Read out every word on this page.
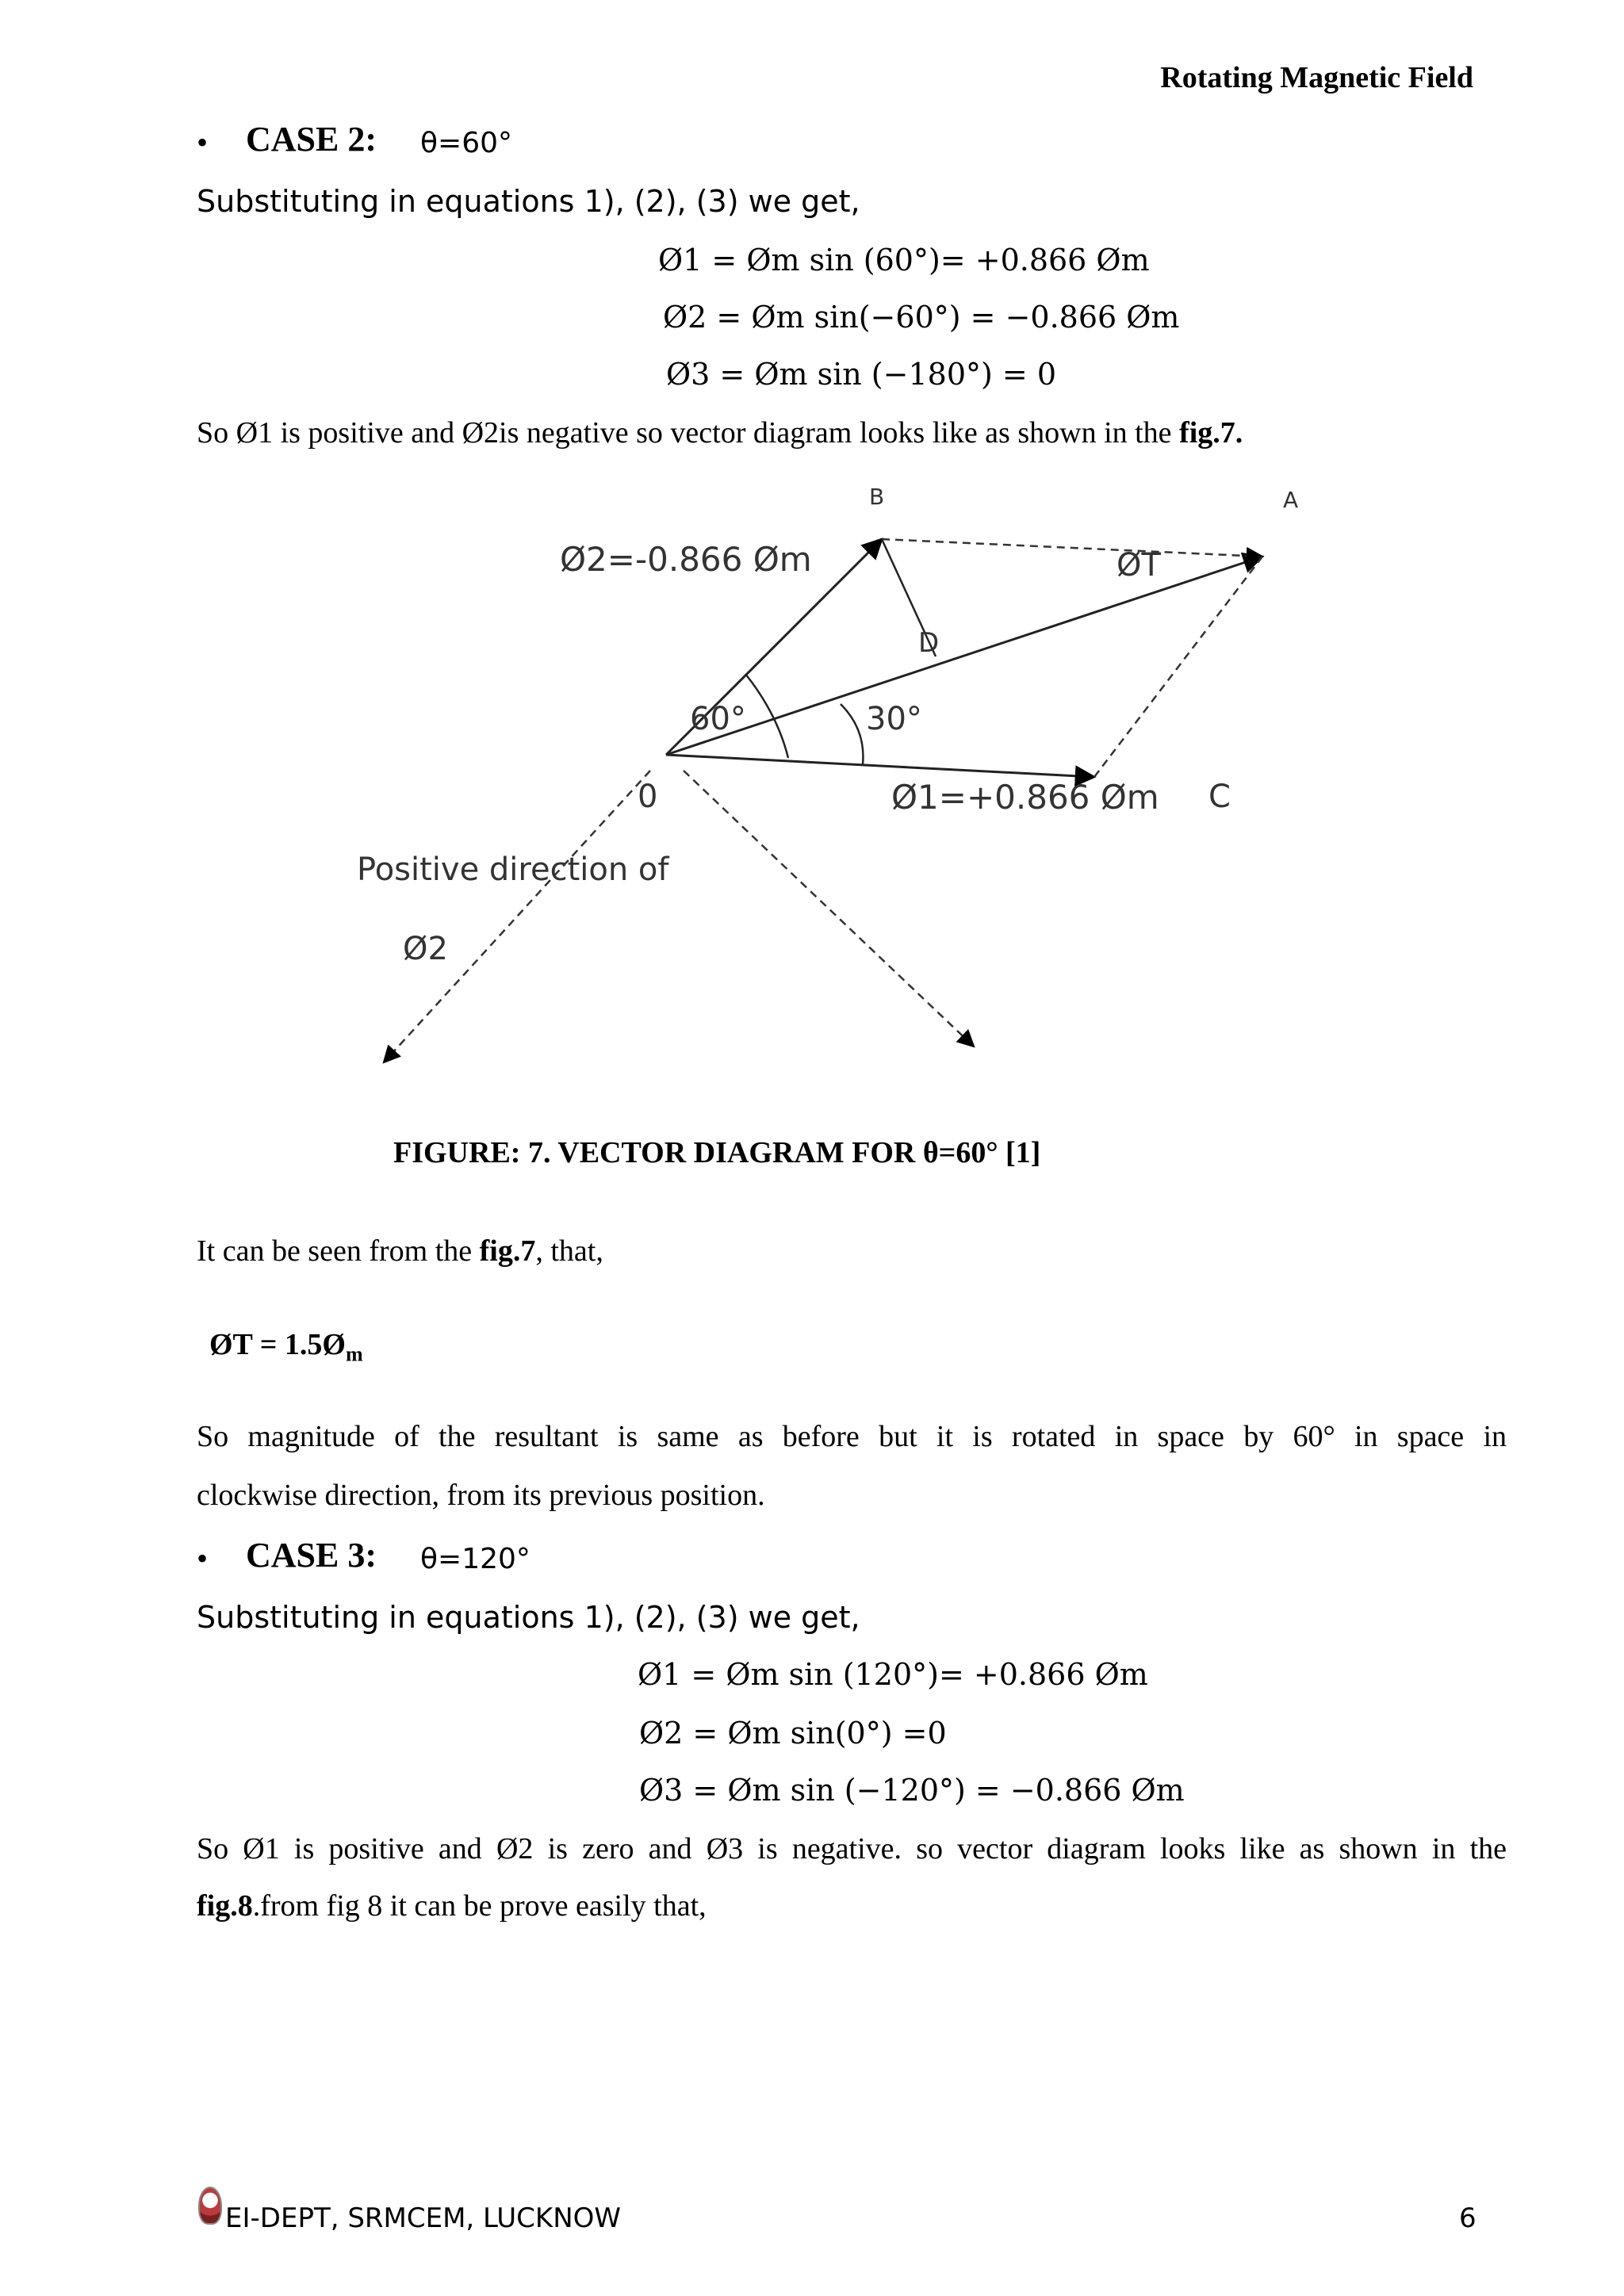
Rotating Magnetic Field
• CASE 2: θ=60°
Substituting in equations 1), (2), (3) we get,
Ø1 = Øm sin (60°)= +0.866 Øm
Ø2 = Øm sin(−60°) = −0.866 Øm
Ø3 = Øm sin (−180°) = 0
So Ø1 is positive and Ø2is negative so vector diagram looks like as shown in the fig.7.
B	A
D
0	C
Ø2=-0.866 Øm	ØT
60°	30°
Ø1=+0.866 Øm
Positive direction of
Ø2
FIGURE: 7. VECTOR DIAGRAM FOR θ=60° [1]
It can be seen from the fig.7, that,
ØT = $1.5Ø_m$
So magnitude of the resultant is same as before but it is rotated in space by 60° in space in
clockwise direction, from its previous position.
• CASE 3: θ=120°
Substituting in equations 1), (2), (3) we get,
Ø1 = Øm sin (120°)= +0.866 Øm
Ø2 = Øm sin(0°) =0
Ø3 = Øm sin (−120°) = −0.866 Øm
So Ø1 is positive and Ø2 is zero and Ø3 is negative. so vector diagram looks like as shown in the
fig.8.from fig 8 it can be prove easily that,
EI-DEPT, SRMCEM, LUCKNOW	6
